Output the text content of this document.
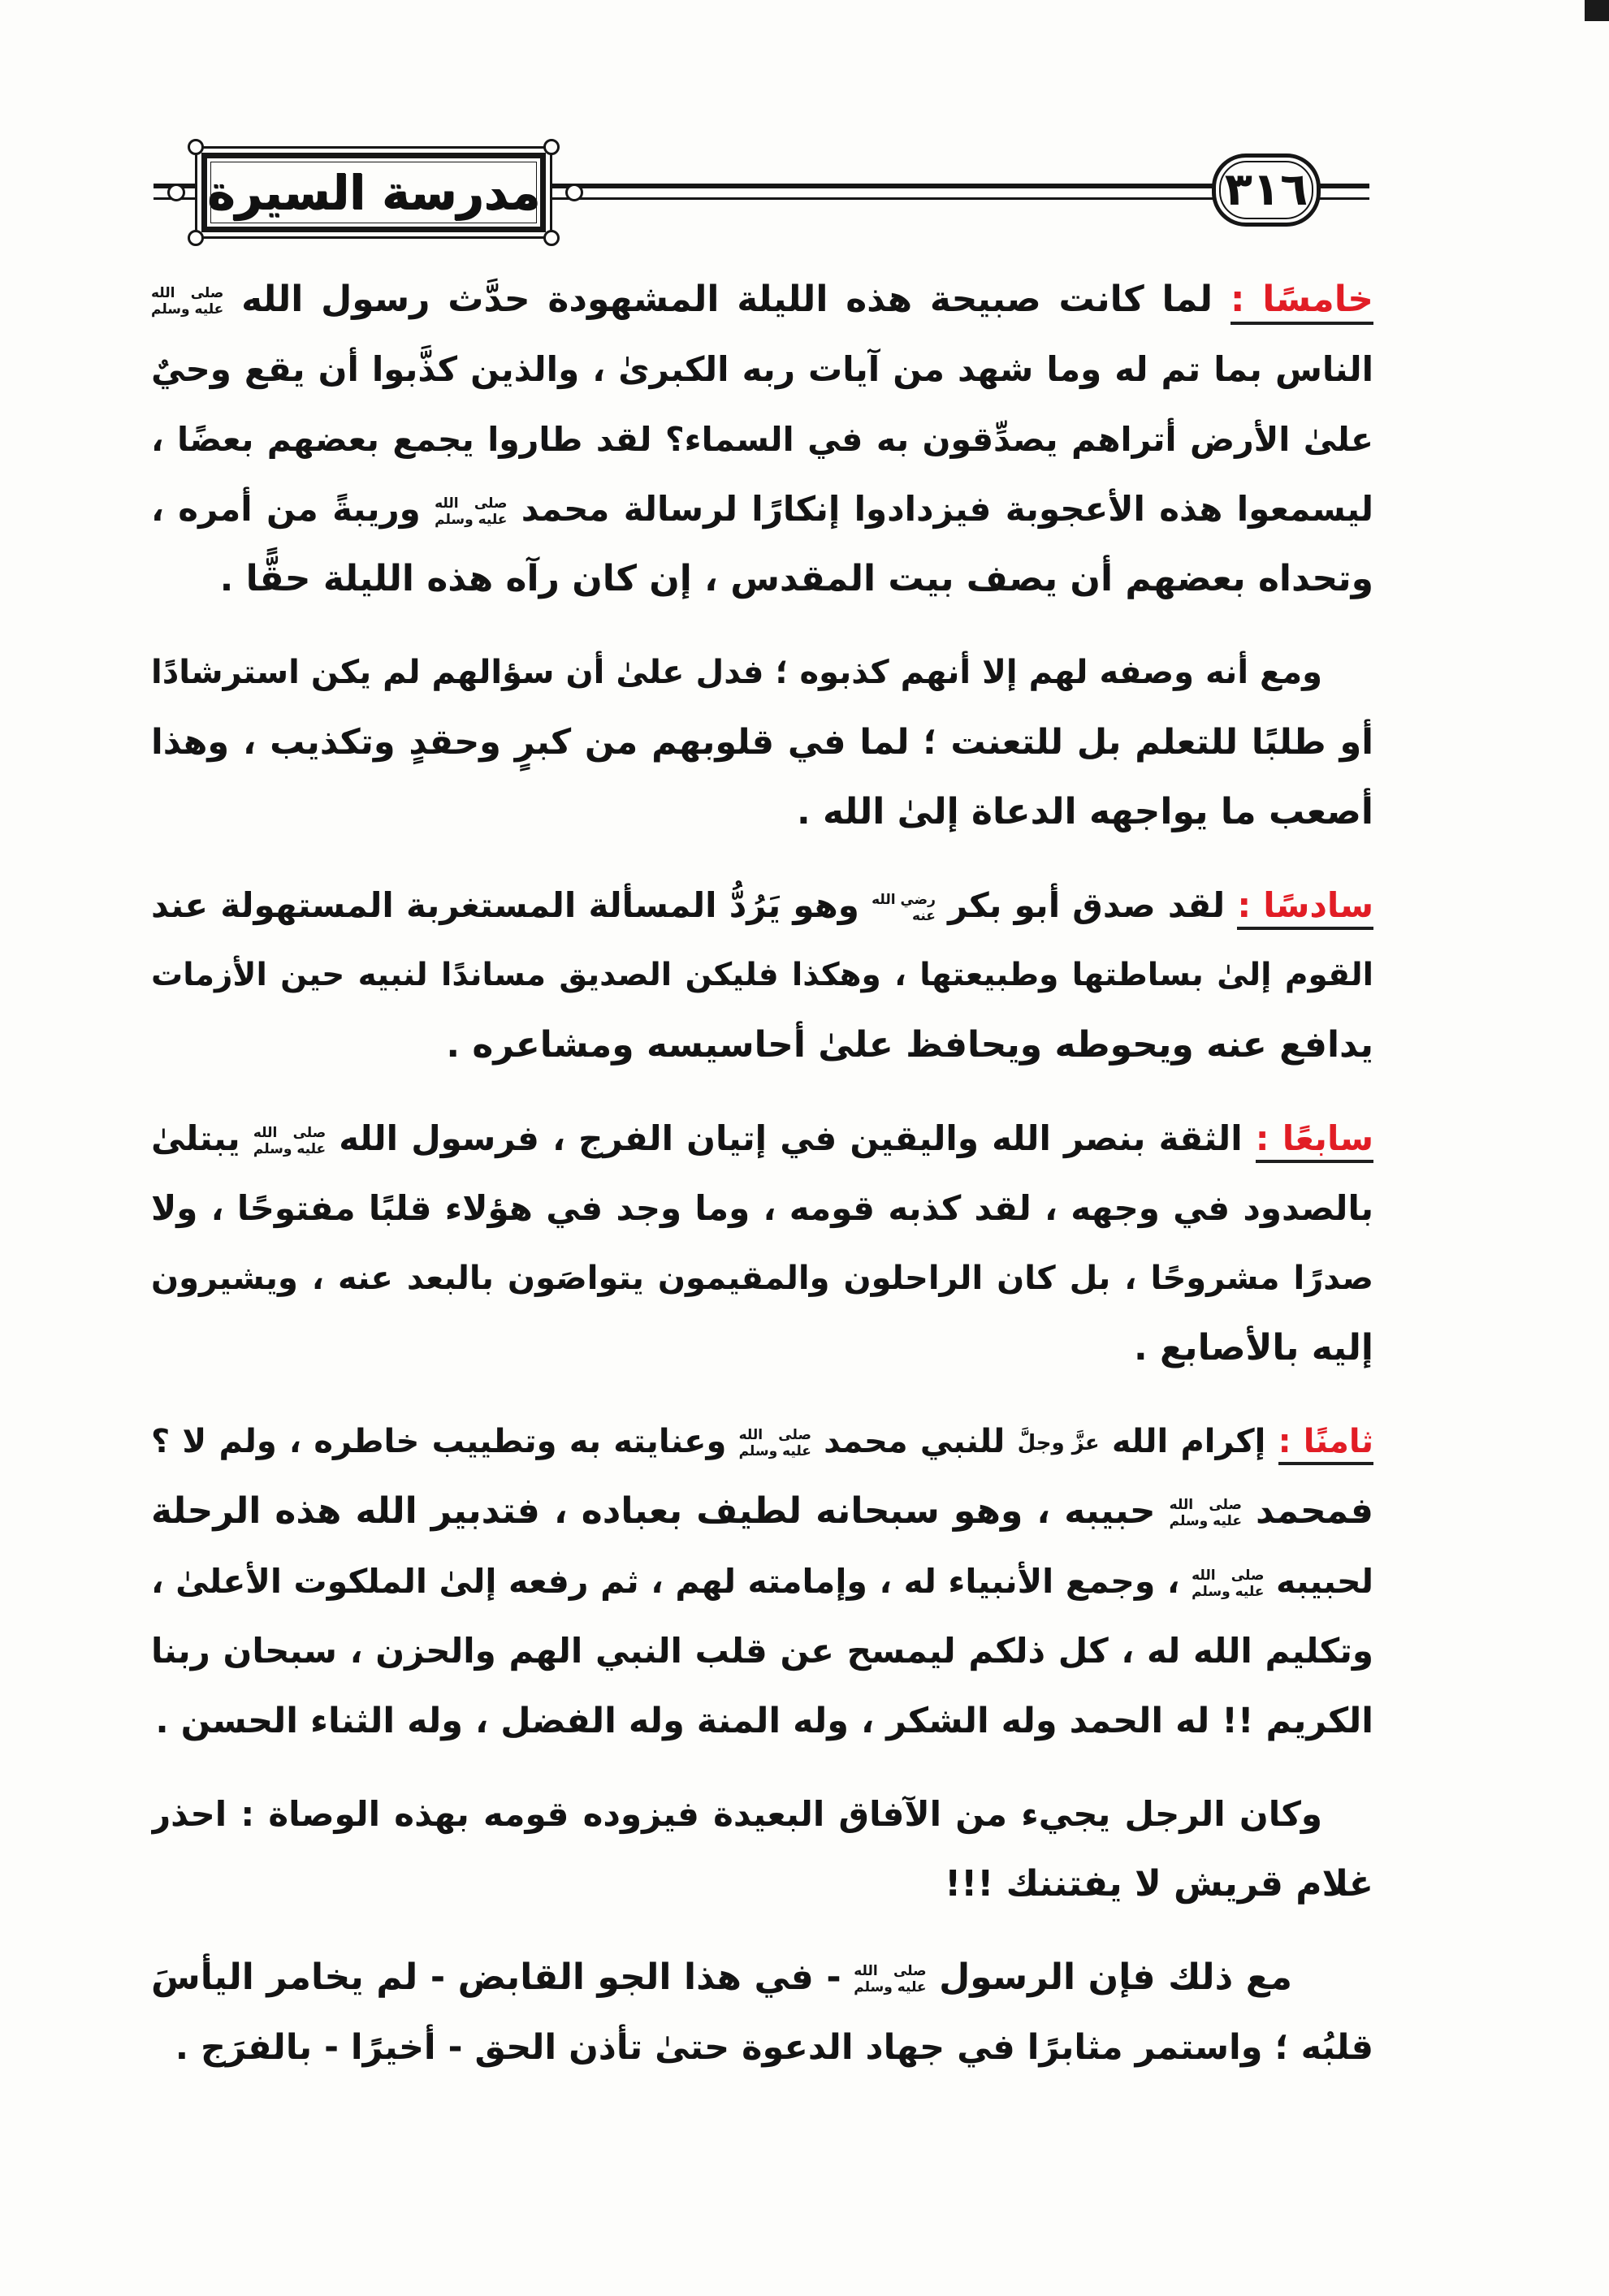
مدرسة السيرة	٣١٦
خامسًا : لما كانت صبيحة هذه الليلة المشهودة حدَّث رسول الله
صلى الله
عليه وسلم
الناس بما تم له وما شهد من آيات ربه الكبرىٰ ، والذين كذَّبوا أن يقع وحيٌ
علىٰ الأرض أتراهم يصدِّقون به في السماء؟ لقد طاروا يجمع بعضهم بعضًا ،
ليسمعوا هذه الأعجوبة فيزدادوا إنكارًا لرسالة محمد
صلى الله
عليه وسلم
وريبةً من أمره ،
وتحداه بعضهم أن يصف بيت المقدس ، إن كان رآه هذه الليلة حقًّا .
ومع أنه وصفه لهم إلا أنهم كذبوه ؛ فدل علىٰ أن سؤالهم لم يكن استرشادًا
أو طلبًا للتعلم بل للتعنت ؛ لما في قلوبهم من كبرٍ وحقدٍ وتكذيب ، وهذا
أصعب ما يواجهه الدعاة إلىٰ الله .
سادسًا : لقد صدق أبو بكر
رضي الله
عنه
وهو يَرُدُّ المسألة المستغربة المستهولة عند
القوم إلىٰ بساطتها وطبيعتها ، وهكذا فليكن الصديق مساندًا لنبيه حين الأزمات
يدافع عنه ويحوطه ويحافظ علىٰ أحاسيسه ومشاعره .
سابعًا : الثقة بنصر الله واليقين في إتيان الفرج ، فرسول الله
صلى الله
عليه وسلم
يبتلىٰ
بالصدود في وجهه ، لقد كذبه قومه ، وما وجد في هؤلاء قلبًا مفتوحًا ، ولا
صدرًا مشروحًا ، بل كان الراحلون والمقيمون يتواصَون بالبعد عنه ، ويشيرون
إليه بالأصابع .
ثامنًا : إكرام الله عزَّ وجلَّ للنبي محمد
صلى الله
عليه وسلم
وعنايته به وتطييب خاطره ، ولم لا ؟
فمحمد
صلى الله
عليه وسلم
حبيبه ، وهو سبحانه لطيف بعباده ، فتدبير الله هذه الرحلة
لحبيبه
صلى الله
عليه وسلم
، وجمع الأنبياء له ، وإمامته لهم ، ثم رفعه إلىٰ الملكوت الأعلىٰ ،
وتكليم الله له ، كل ذلكم ليمسح عن قلب النبي الهم والحزن ، سبحان ربنا
الكريم !! له الحمد وله الشكر ، وله المنة وله الفضل ، وله الثناء الحسن .
وكان الرجل يجيء من الآفاق البعيدة فيزوده قومه بهذه الوصاة : احذر
غلام قريش لا يفتننك !!!
مع ذلك فإن الرسول
صلى الله
عليه وسلم
- في هذا الجو القابض - لم يخامر اليأسَ
قلبُه ؛ واستمر مثابرًا في جهاد الدعوة حتىٰ تأذن الحق - أخيرًا - بالفرَج .
